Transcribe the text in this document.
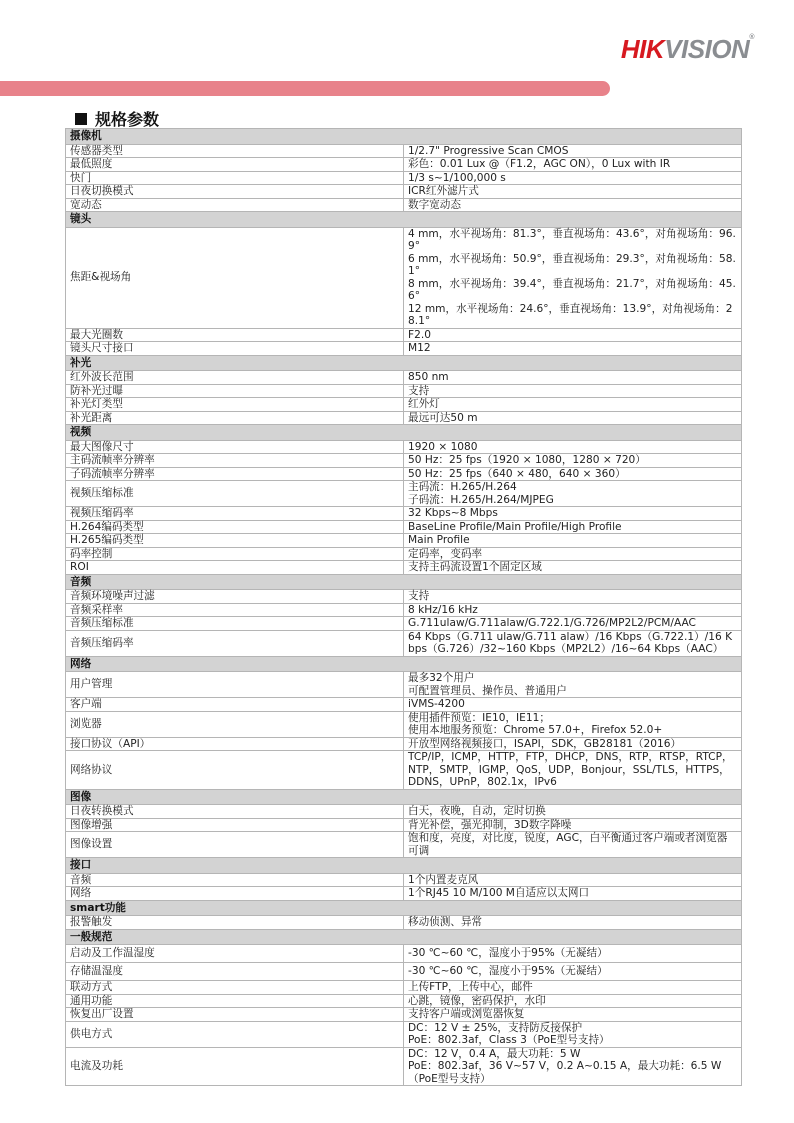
HIKVISION®
规格参数
摄像机	
传感器类型	1/2.7" Progressive Scan CMOS
最低照度	彩色：0.01 Lux @（F1.2，AGC ON），0 Lux with IR
快门	1/3 s~1/100,000 s
日夜切换模式	ICR红外滤片式
宽动态	数字宽动态
镜头	
焦距&视场角	4 mm，水平视场角：81.3°，垂直视场角：43.6°，对角视场角：96.9°
6 mm，水平视场角：50.9°，垂直视场角：29.3°，对角视场角：58.1°
8 mm，水平视场角：39.4°，垂直视场角：21.7°，对角视场角：45.6°
12 mm，水平视场角：24.6°，垂直视场角：13.9°，对角视场角：28.1°
最大光圈数	F2.0
镜头尺寸接口	M12
补光	
红外波长范围	850 nm
防补光过曝	支持
补光灯类型	红外灯
补光距离	最远可达50 m
视频	
最大图像尺寸	1920 × 1080
主码流帧率分辨率	50 Hz：25 fps（1920 × 1080，1280 × 720）
子码流帧率分辨率	50 Hz：25 fps（640 × 480，640 × 360）
视频压缩标准	主码流：H.265/H.264
子码流：H.265/H.264/MJPEG
视频压缩码率	32 Kbps~8 Mbps
H.264编码类型	BaseLine Profile/Main Profile/High Profile
H.265编码类型	Main Profile
码率控制	定码率，变码率
ROI	支持主码流设置1个固定区域
音频	
音频环境噪声过滤	支持
音频采样率	8 kHz/16 kHz
音频压缩标准	G.711ulaw/G.711alaw/G.722.1/G.726/MP2L2/PCM/AAC
音频压缩码率	64 Kbps（G.711 ulaw/G.711 alaw）/16 Kbps（G.722.1）/16 Kbps（G.726）/32~160 Kbps（MP2L2）/16~64 Kbps（AAC）
网络	
用户管理	最多32个用户
可配置管理员、操作员、普通用户
客户端	iVMS-4200
浏览器	使用插件预览：IE10，IE11；
使用本地服务预览：Chrome 57.0+，Firefox 52.0+
接口协议（API）	开放型网络视频接口，ISAPI，SDK，GB28181（2016）
网络协议	TCP/IP，ICMP，HTTP，FTP，DHCP，DNS，RTP，RTSP，RTCP，NTP，SMTP，IGMP，QoS，UDP，Bonjour，SSL/TLS，HTTPS，DDNS，UPnP，802.1x，IPv6
图像	
日夜转换模式	白天，夜晚，自动，定时切换
图像增强	背光补偿，强光抑制，3D数字降噪
图像设置	饱和度，亮度，对比度，锐度，AGC，白平衡通过客户端或者浏览器可调
接口	
音频	1个内置麦克风
网络	1个RJ45 10 M/100 M自适应以太网口
smart功能	
报警触发	移动侦测、异常
一般规范	
启动及工作温湿度	-30 ℃~60 ℃，湿度小于95%（无凝结）
存储温湿度	-30 ℃~60 ℃，湿度小于95%（无凝结）
联动方式	上传FTP，上传中心，邮件
通用功能	心跳，镜像，密码保护，水印
恢复出厂设置	支持客户端或浏览器恢复
供电方式	DC：12 V ± 25%，支持防反接保护
PoE：802.3af，Class 3（PoE型号支持）
电流及功耗	DC：12 V，0.4 A，最大功耗：5 W
PoE：802.3af，36 V~57 V，0.2 A~0.15 A，最大功耗：6.5 W（PoE型号支持）
